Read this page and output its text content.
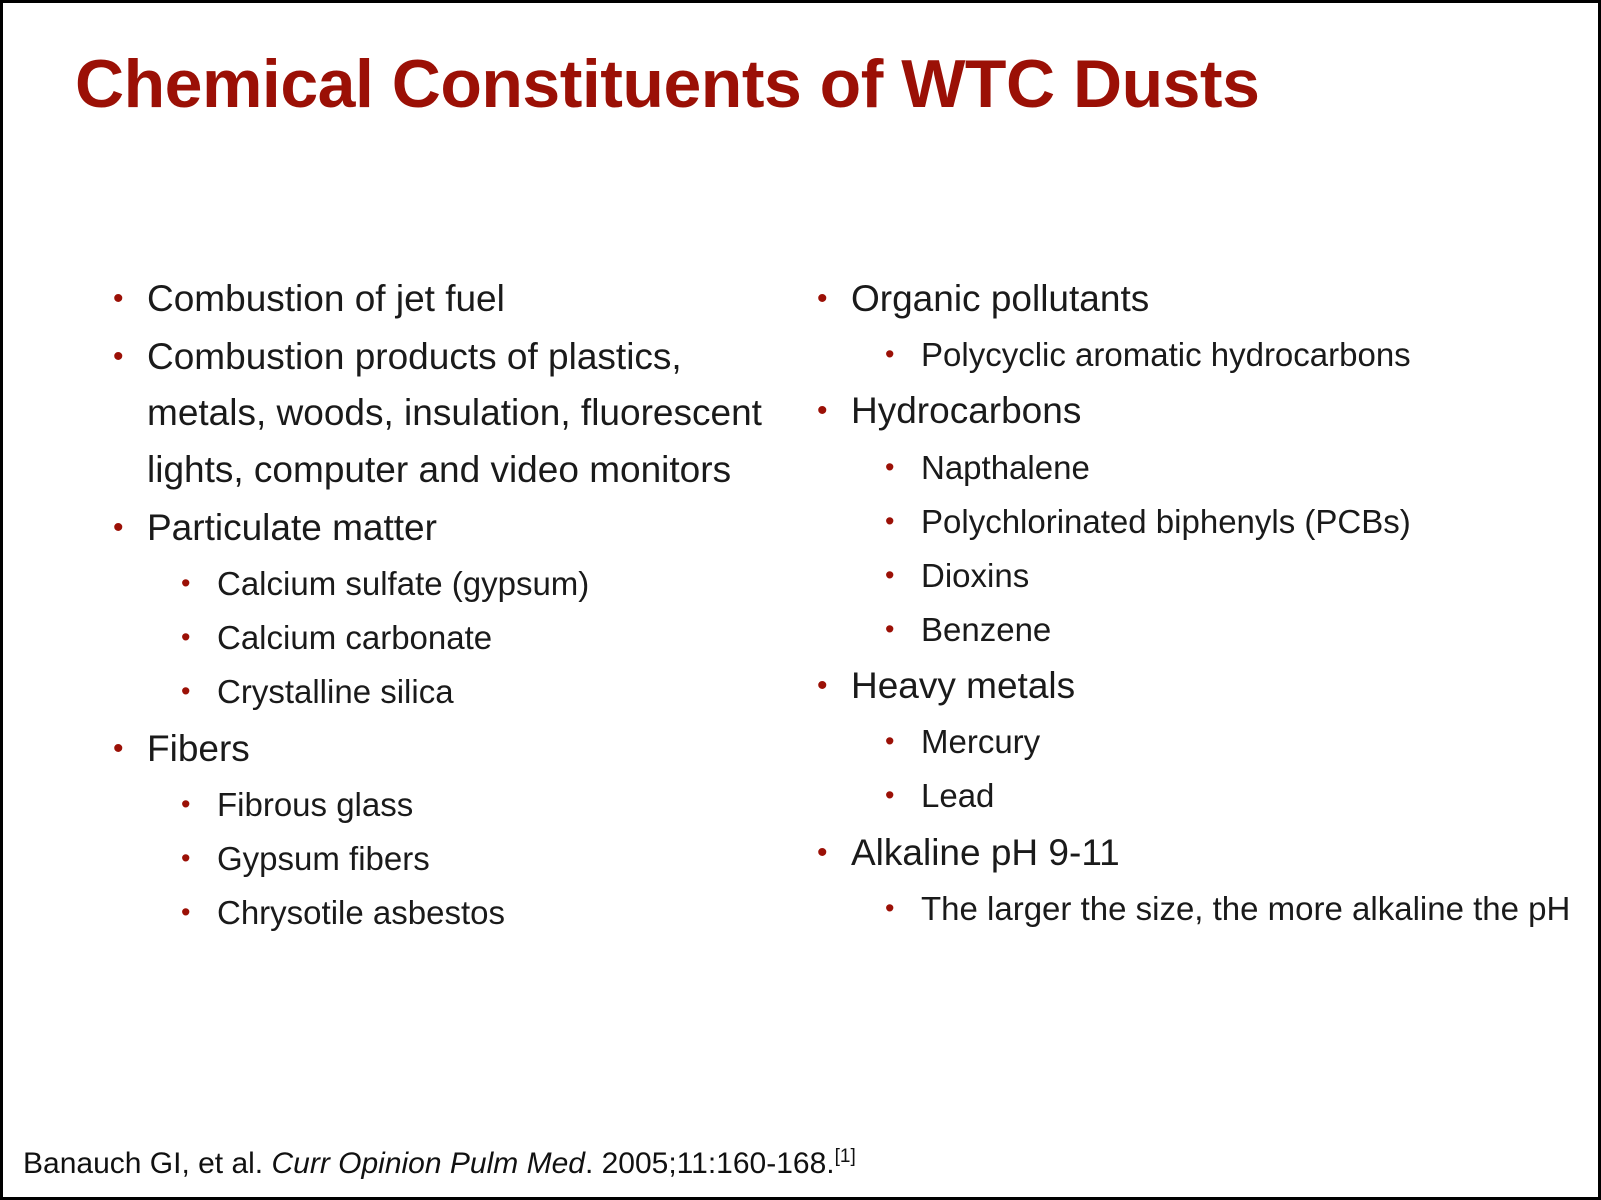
Chemical Constituents of WTC Dusts
• Combustion of jet fuel
• Combustion products of plastics, metals, woods, insulation, fluorescent lights, computer and video monitors
• Particulate matter
• Calcium sulfate (gypsum)
• Calcium carbonate
• Crystalline silica
• Fibers
• Fibrous glass
• Gypsum fibers
• Chrysotile asbestos
• Organic pollutants
• Polycyclic aromatic hydrocarbons
• Hydrocarbons
• Napthalene
• Polychlorinated biphenyls (PCBs)
• Dioxins
• Benzene
• Heavy metals
• Mercury
• Lead
• Alkaline pH 9-11
• The larger the size, the more alkaline the pH
Banauch GI, et al. Curr Opinion Pulm Med. 2005;11:160-168.[1]
